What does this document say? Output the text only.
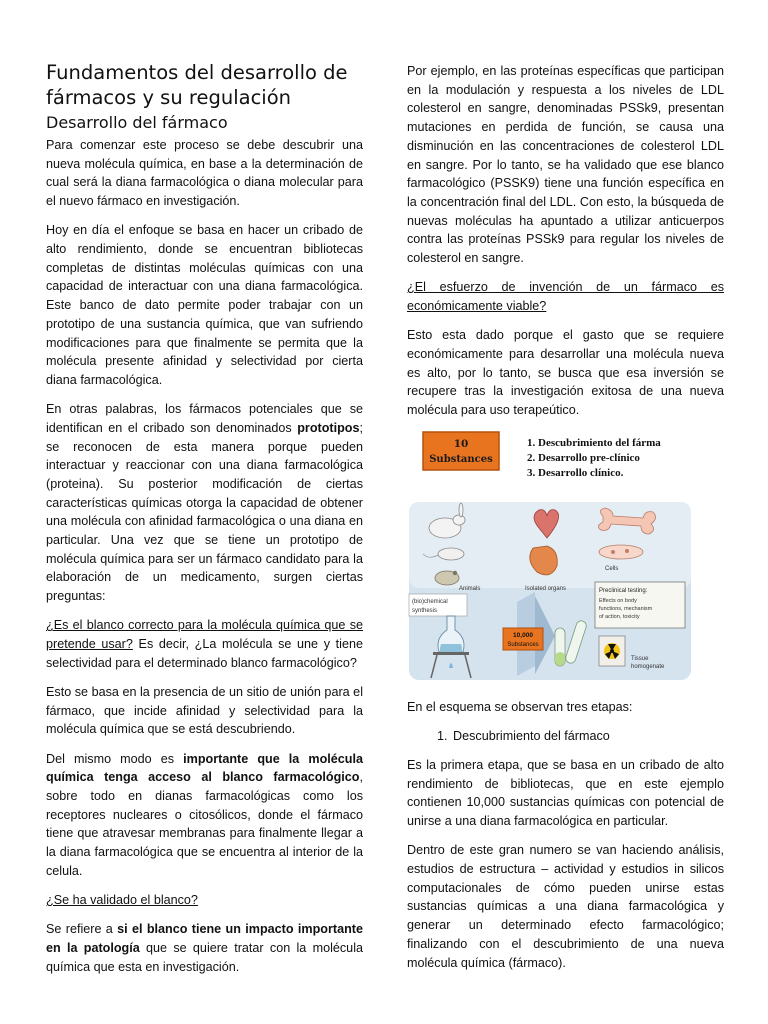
Fundamentos del desarrollo de fármacos y su regulación
Desarrollo del fármaco

Para comenzar este proceso se debe descubrir una nueva molécula química, en base a la determinación de cual será la diana farmacológica o diana molecular para el nuevo fármaco en investigación.

Hoy en día el enfoque se basa en hacer un cribado de alto rendimiento, donde se encuentran bibliotecas completas de distintas moléculas químicas con una capacidad de interactuar con una diana farmacológica. Este banco de dato permite poder trabajar con un prototipo de una sustancia química, que van sufriendo modificaciones para que finalmente se permita que la molécula presente afinidad y selectividad por cierta diana farmacológica.

En otras palabras, los fármacos potenciales que se identifican en el cribado son denominados prototipos; se reconocen de esta manera porque pueden interactuar y reaccionar con una diana farmacológica (proteina). Su posterior modificación de ciertas características químicas otorga la capacidad de obtener una molécula con afinidad farmacológica o una diana en particular. Una vez que se tiene un prototipo de molécula química para ser un fármaco candidato para la elaboración de un medicamento, surgen ciertas preguntas:

¿Es el blanco correcto para la molécula química que se pretende usar? Es decir, ¿La molécula se une y tiene selectividad para el determinado blanco farmacológico?

Esto se basa en la presencia de un sitio de unión para el fármaco, que incide afinidad y selectividad para la molécula química que se está descubriendo.

Del mismo modo es importante que la molécula química tenga acceso al blanco farmacológico, sobre todo en dianas farmacológicas como los receptores nucleares o citosólicos, donde el fármaco tiene que atravesar membranas para finalmente llegar a la diana farmacológica que se encuentra al interior de la celula.

¿Se ha validado el blanco?

Se refiere a si el blanco tiene un impacto importante en la patología que se quiere tratar con la molécula química que esta en investigación.

Por ejemplo, en las proteínas específicas que participan en la modulación y respuesta a los niveles de LDL colesterol en sangre, denominadas PSSk9, presentan mutaciones en perdida de función, se causa una disminución en las concentraciones de colesterol LDL en sangre. Por lo tanto, se ha validado que ese blanco farmacológico (PSSK9) tiene una función específica en la concentración final del LDL. Con esto, la búsqueda de nuevas moléculas ha apuntado a utilizar anticuerpos contra las proteínas PSSk9 para regular los niveles de colesterol en sangre.

¿El esfuerzo de invención de un fármaco es económicamente viable?

Esto esta dado porque el gasto que se requiere económicamente para desarrollar una molécula nueva es alto, por lo tanto, se busca que esa inversión se recupere tras la investigación exitosa de una nueva molécula para uso terapeútico.

10
Substances
1. Descubrimiento del fárma
2. Desarrollo pre-clínico
3. Desarrollo clínico.
Animals	Isolated organs
Cells
Preclinical testing:
Effects on body
functions, mechanism
of action, toxicity
(bio)chemical
synthesis
10,000
Substances
Tissue
homogenate

En el esquema se observan tres etapas:

1. Descubrimiento del fármaco

Es la primera etapa, que se basa en un cribado de alto rendimiento de bibliotecas, que en este ejemplo contienen 10,000 sustancias químicas con potencial de unirse a una diana farmacológica en particular.

Dentro de este gran numero se van haciendo análisis, estudios de estructura – actividad y estudios in silicos computacionales de cómo pueden unirse estas sustancias químicas a una diana farmacológica y generar un determinado efecto farmacológico; finalizando con el descubrimiento de una nueva molécula química (fármaco).
